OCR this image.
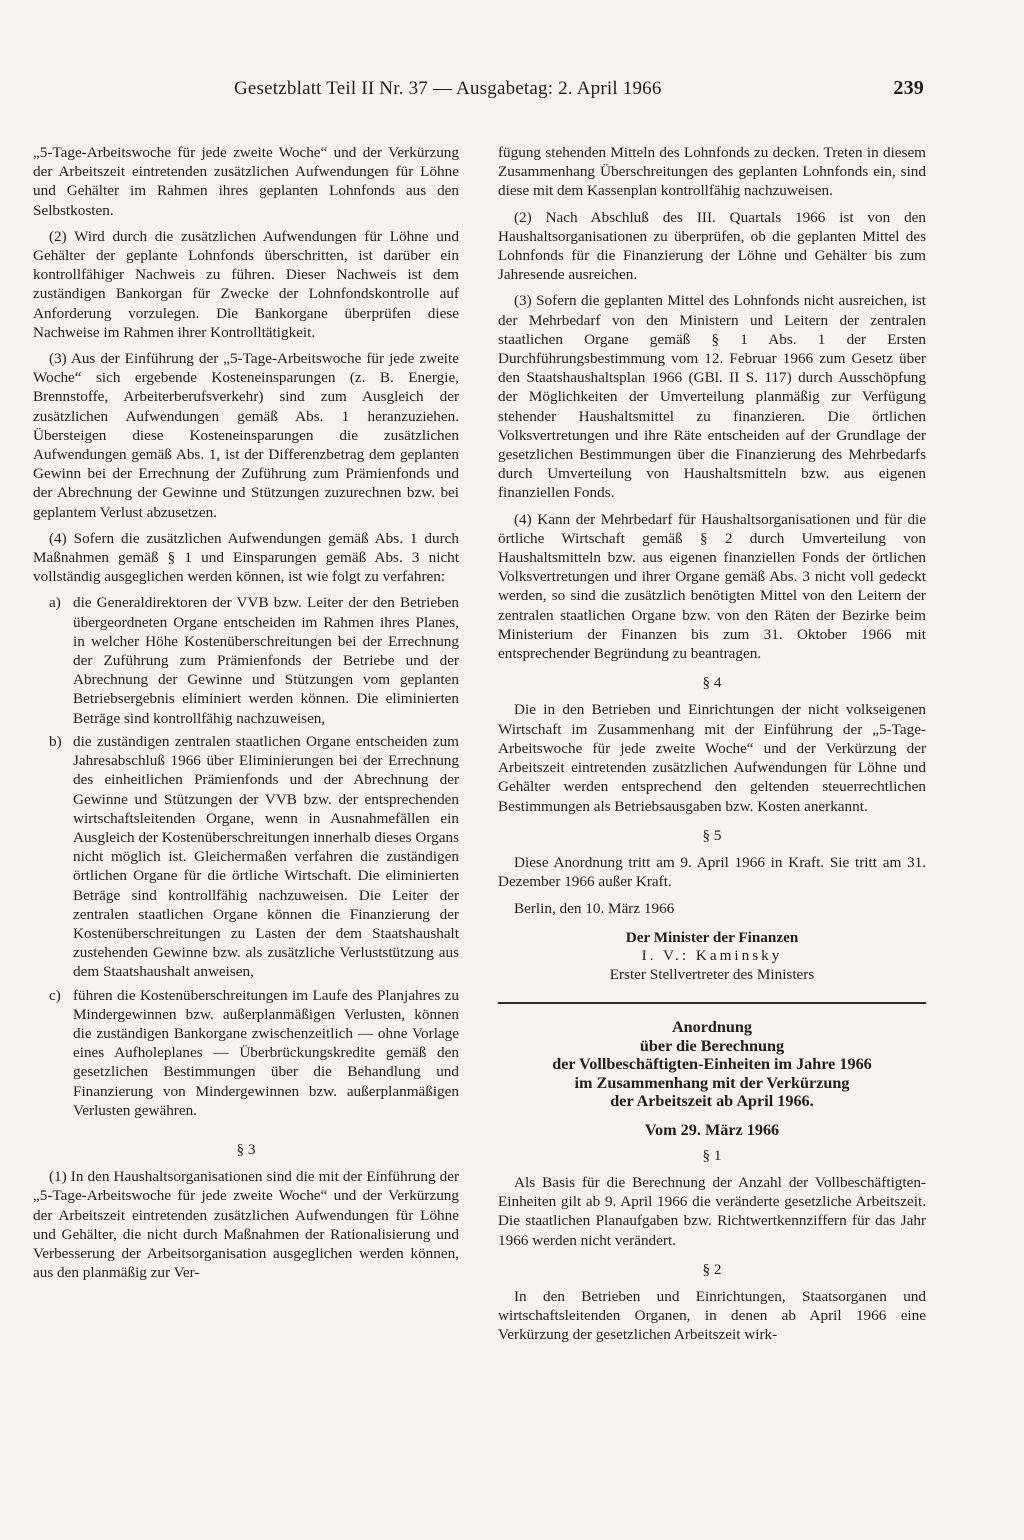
Gesetzblatt Teil II Nr. 37 — Ausgabetag: 2. April 1966	239

„5-Tage-Arbeitswoche für jede zweite Woche“ und der Verkürzung der Arbeitszeit eintretenden zusätzlichen Aufwendungen für Löhne und Gehälter im Rahmen ihres geplanten Lohnfonds aus den Selbstkosten.

(2) Wird durch die zusätzlichen Aufwendungen für Löhne und Gehälter der geplante Lohnfonds überschritten, ist darüber ein kontrollfähiger Nachweis zu führen. Dieser Nachweis ist dem zuständigen Bankorgan für Zwecke der Lohnfondskontrolle auf Anforderung vorzulegen. Die Bankorgane überprüfen diese Nachweise im Rahmen ihrer Kontrolltätigkeit.

(3) Aus der Einführung der „5-Tage-Arbeitswoche für jede zweite Woche“ sich ergebende Kosteneinsparungen (z. B. Energie, Brennstoffe, Arbeiterberufsverkehr) sind zum Ausgleich der zusätzlichen Aufwendungen gemäß Abs. 1 heranzuziehen. Übersteigen diese Kosteneinsparungen die zusätzlichen Aufwendungen gemäß Abs. 1, ist der Differenzbetrag dem geplanten Gewinn bei der Errechnung der Zuführung zum Prämienfonds und der Abrechnung der Gewinne und Stützungen zuzurechnen bzw. bei geplantem Verlust abzusetzen.

(4) Sofern die zusätzlichen Aufwendungen gemäß Abs. 1 durch Maßnahmen gemäß § 1 und Einsparungen gemäß Abs. 3 nicht vollständig ausgeglichen werden können, ist wie folgt zu verfahren:

a) die Generaldirektoren der VVB bzw. Leiter der den Betrieben übergeordneten Organe entscheiden im Rahmen ihres Planes, in welcher Höhe Kostenüberschreitungen bei der Errechnung der Zuführung zum Prämienfonds der Betriebe und der Abrechnung der Gewinne und Stützungen vom geplanten Betriebsergebnis eliminiert werden können. Die eliminierten Beträge sind kontrollfähig nachzuweisen,
b) die zuständigen zentralen staatlichen Organe entscheiden zum Jahresabschluß 1966 über Eliminierungen bei der Errechnung des einheitlichen Prämienfonds und der Abrechnung der Gewinne und Stützungen der VVB bzw. der entsprechenden wirtschaftsleitenden Organe, wenn in Ausnahmefällen ein Ausgleich der Kostenüberschreitungen innerhalb dieses Organs nicht möglich ist. Gleichermaßen verfahren die zuständigen örtlichen Organe für die örtliche Wirtschaft. Die eliminierten Beträge sind kontrollfähig nachzuweisen. Die Leiter der zentralen staatlichen Organe können die Finanzierung der Kostenüberschreitungen zu Lasten der dem Staatshaushalt zustehenden Gewinne bzw. als zusätzliche Verluststützung aus dem Staatshaushalt anweisen,
c) führen die Kostenüberschreitungen im Laufe des Planjahres zu Mindergewinnen bzw. außerplanmäßigen Verlusten, können die zuständigen Bankorgane zwischenzeitlich — ohne Vorlage eines Aufholeplanes — Überbrückungskredite gemäß den gesetzlichen Bestimmungen über die Behandlung und Finanzierung von Mindergewinnen bzw. außerplanmäßigen Verlusten gewähren.
§ 3

(1) In den Haushaltsorganisationen sind die mit der Einführung der „5-Tage-Arbeitswoche für jede zweite Woche“ und der Verkürzung der Arbeitszeit eintretenden zusätzlichen Aufwendungen für Löhne und Gehälter, die nicht durch Maßnahmen der Rationalisierung und Verbesserung der Arbeitsorganisation ausgeglichen werden können, aus den planmäßig zur Ver-

fügung stehenden Mitteln des Lohnfonds zu decken. Treten in diesem Zusammenhang Überschreitungen des geplanten Lohnfonds ein, sind diese mit dem Kassenplan kontrollfähig nachzuweisen.

(2) Nach Abschluß des III. Quartals 1966 ist von den Haushaltsorganisationen zu überprüfen, ob die geplanten Mittel des Lohnfonds für die Finanzierung der Löhne und Gehälter bis zum Jahresende ausreichen.

(3) Sofern die geplanten Mittel des Lohnfonds nicht ausreichen, ist der Mehrbedarf von den Ministern und Leitern der zentralen staatlichen Organe gemäß § 1 Abs. 1 der Ersten Durchführungsbestimmung vom 12. Februar 1966 zum Gesetz über den Staatshaushaltsplan 1966 (GBl. II S. 117) durch Ausschöpfung der Möglichkeiten der Umverteilung planmäßig zur Verfügung stehender Haushaltsmittel zu finanzieren. Die örtlichen Volksvertretungen und ihre Räte entscheiden auf der Grundlage der gesetzlichen Bestimmungen über die Finanzierung des Mehrbedarfs durch Umverteilung von Haushaltsmitteln bzw. aus eigenen finanziellen Fonds.

(4) Kann der Mehrbedarf für Haushaltsorganisationen und für die örtliche Wirtschaft gemäß § 2 durch Umverteilung von Haushaltsmitteln bzw. aus eigenen finanziellen Fonds der örtlichen Volksvertretungen und ihrer Organe gemäß Abs. 3 nicht voll gedeckt werden, so sind die zusätzlich benötigten Mittel von den Leitern der zentralen staatlichen Organe bzw. von den Räten der Bezirke beim Ministerium der Finanzen bis zum 31. Oktober 1966 mit entsprechender Begründung zu beantragen.

§ 4

Die in den Betrieben und Einrichtungen der nicht volkseigenen Wirtschaft im Zusammenhang mit der Einführung der „5-Tage-Arbeitswoche für jede zweite Woche“ und der Verkürzung der Arbeitszeit eintretenden zusätzlichen Aufwendungen für Löhne und Gehälter werden entsprechend den geltenden steuerrechtlichen Bestimmungen als Betriebsausgaben bzw. Kosten anerkannt.

§ 5

Diese Anordnung tritt am 9. April 1966 in Kraft. Sie tritt am 31. Dezember 1966 außer Kraft.

Berlin, den 10. März 1966
Der Minister der Finanzen
I. V.: Kaminsky
Erster Stellvertreter des Ministers
Anordnung
über die Berechnung
der Vollbeschäftigten-Einheiten im Jahre 1966
im Zusammenhang mit der Verkürzung
der Arbeitszeit ab April 1966.
Vom 29. März 1966
§ 1

Als Basis für die Berechnung der Anzahl der Vollbeschäftigten-Einheiten gilt ab 9. April 1966 die veränderte gesetzliche Arbeitszeit. Die staatlichen Planaufgaben bzw. Richtwertkennziffern für das Jahr 1966 werden nicht verändert.

§ 2

In den Betrieben und Einrichtungen, Staatsorganen und wirtschaftsleitenden Organen, in denen ab April 1966 eine Verkürzung der gesetzlichen Arbeitszeit wirk-
